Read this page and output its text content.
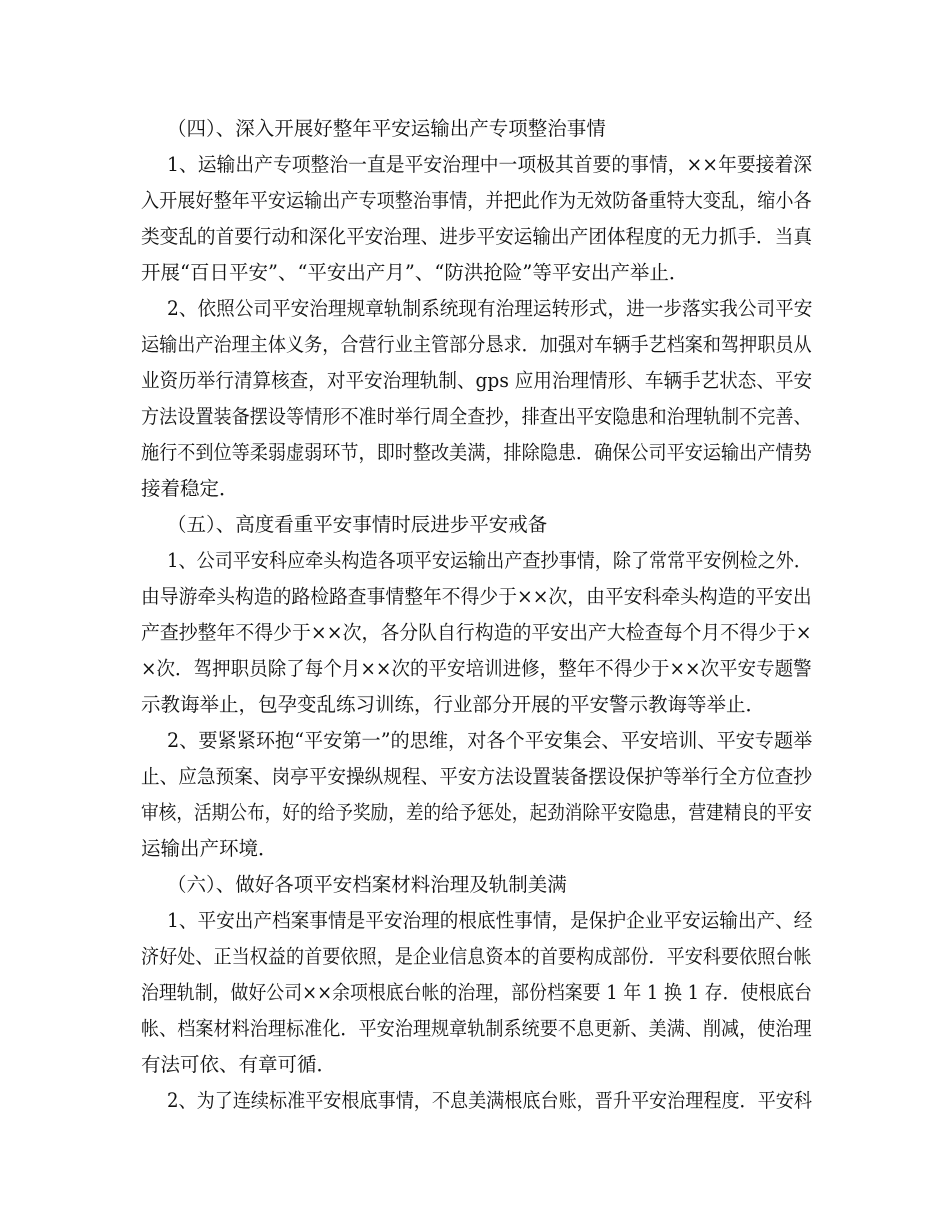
（四）、深入开展好整年平安运输出产专项整治事情
1、运输出产专项整治一直是平安治理中一项极其首要的事情，××年要接着深
入开展好整年平安运输出产专项整治事情，并把此作为无效防备重特大变乱，缩小各
类变乱的首要行动和深化平安治理、进步平安运输出产团体程度的无力抓手．当真
开展“百日平安”、“平安出产月”、“防洪抢险”等平安出产举止．
2、依照公司平安治理规章轨制系统现有治理运转形式，进一步落实我公司平安
运输出产治理主体义务，合营行业主管部分恳求．加强对车辆手艺档案和驾押职员从
业资历举行清算核查，对平安治理轨制、gps 应用治理情形、车辆手艺状态、平安
方法设置装备摆设等情形不准时举行周全查抄，排查出平安隐患和治理轨制不完善、
施行不到位等柔弱虚弱环节，即时整改美满，排除隐患．确保公司平安运输出产情势
接着稳定．
（五）、高度看重平安事情时辰进步平安戒备
1、公司平安科应牵头构造各项平安运输出产查抄事情，除了常常平安例检之外．
由导游牵头构造的路检路查事情整年不得少于××次，由平安科牵头构造的平安出
产查抄整年不得少于××次，各分队自行构造的平安出产大检查每个月不得少于×
×次．驾押职员除了每个月××次的平安培训进修，整年不得少于××次平安专题警
示教诲举止，包孕变乱练习训练，行业部分开展的平安警示教诲等举止．
2、要紧紧环抱“平安第一”的思维，对各个平安集会、平安培训、平安专题举
止、应急预案、岗亭平安操纵规程、平安方法设置装备摆设保护等举行全方位查抄
审核，活期公布，好的给予奖励，差的给予惩处，起劲消除平安隐患，营建精良的平安
运输出产环境．
（六）、做好各项平安档案材料治理及轨制美满
1、平安出产档案事情是平安治理的根底性事情，是保护企业平安运输出产、经
济好处、正当权益的首要依照，是企业信息资本的首要构成部份．平安科要依照台帐
治理轨制，做好公司××余项根底台帐的治理，部份档案要 1 年 1 换 1 存．使根底台
帐、档案材料治理标准化．平安治理规章轨制系统要不息更新、美满、削减，使治理
有法可依、有章可循．
2、为了连续标准平安根底事情，不息美满根底台账，晋升平安治理程度．平安科
